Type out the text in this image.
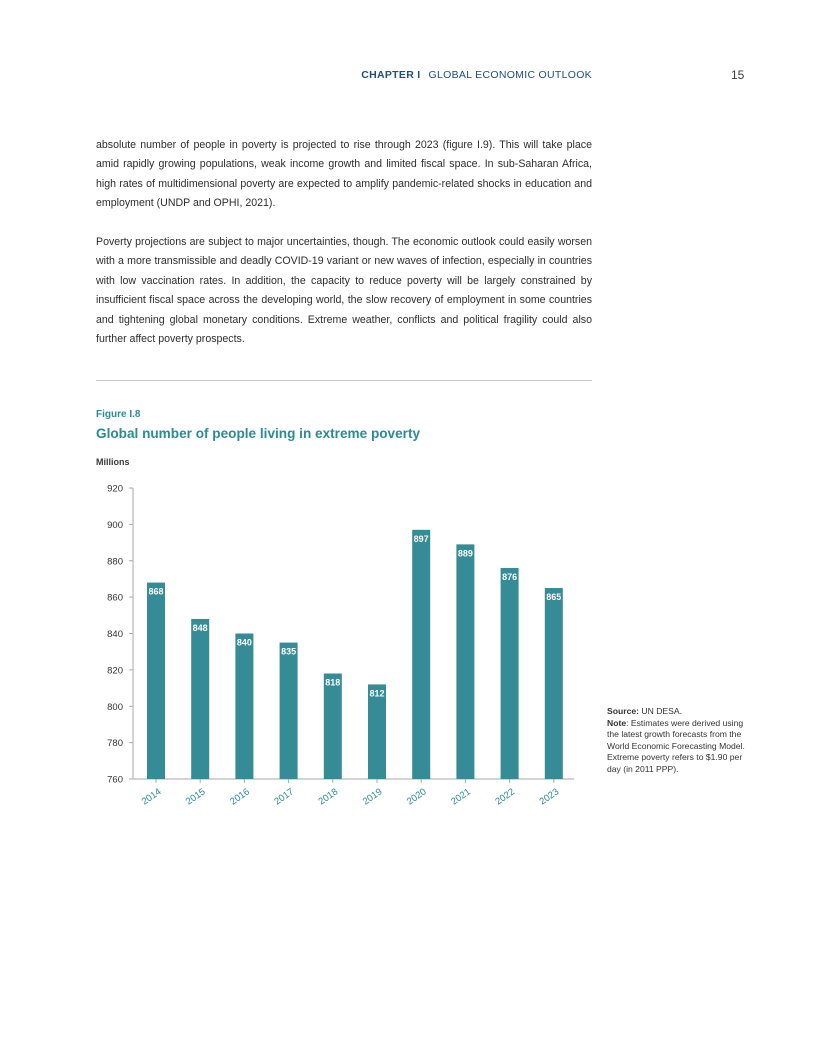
CHAPTER I GLOBAL ECONOMIC OUTLOOK	15

absolute number of people in poverty is projected to rise through 2023 (figure I.9). This will take place amid rapidly growing populations, weak income growth and limited fiscal space. In sub-Saharan Africa, high rates of multidimensional poverty are expected to amplify pandemic-related shocks in education and employment (UNDP and OPHI, 2021).

Poverty projections are subject to major uncertainties, though. The economic outlook could easily worsen with a more transmissible and deadly COVID-19 variant or new waves of infection, especially in countries with low vaccination rates. In addition, the capacity to reduce poverty will be largely constrained by insufficient fiscal space across the developing world, the slow recovery of employment in some countries and tightening global monetary conditions. Extreme weather, conflicts and political fragility could also further affect poverty prospects.

Figure I.8
Global number of people living in extreme poverty
Millions
760
780
800
820
840
860
880
900
920
868
2014
848
2015
840
2016
835
2017
818
2018
812
2019
897
2020
889
2021
876
2022
865
2023
Source: UN DESA.
Note: Estimates were derived using the latest growth forecasts from the World Economic Forecasting Model. Extreme poverty refers to $1.90 per day (in 2011 PPP).
